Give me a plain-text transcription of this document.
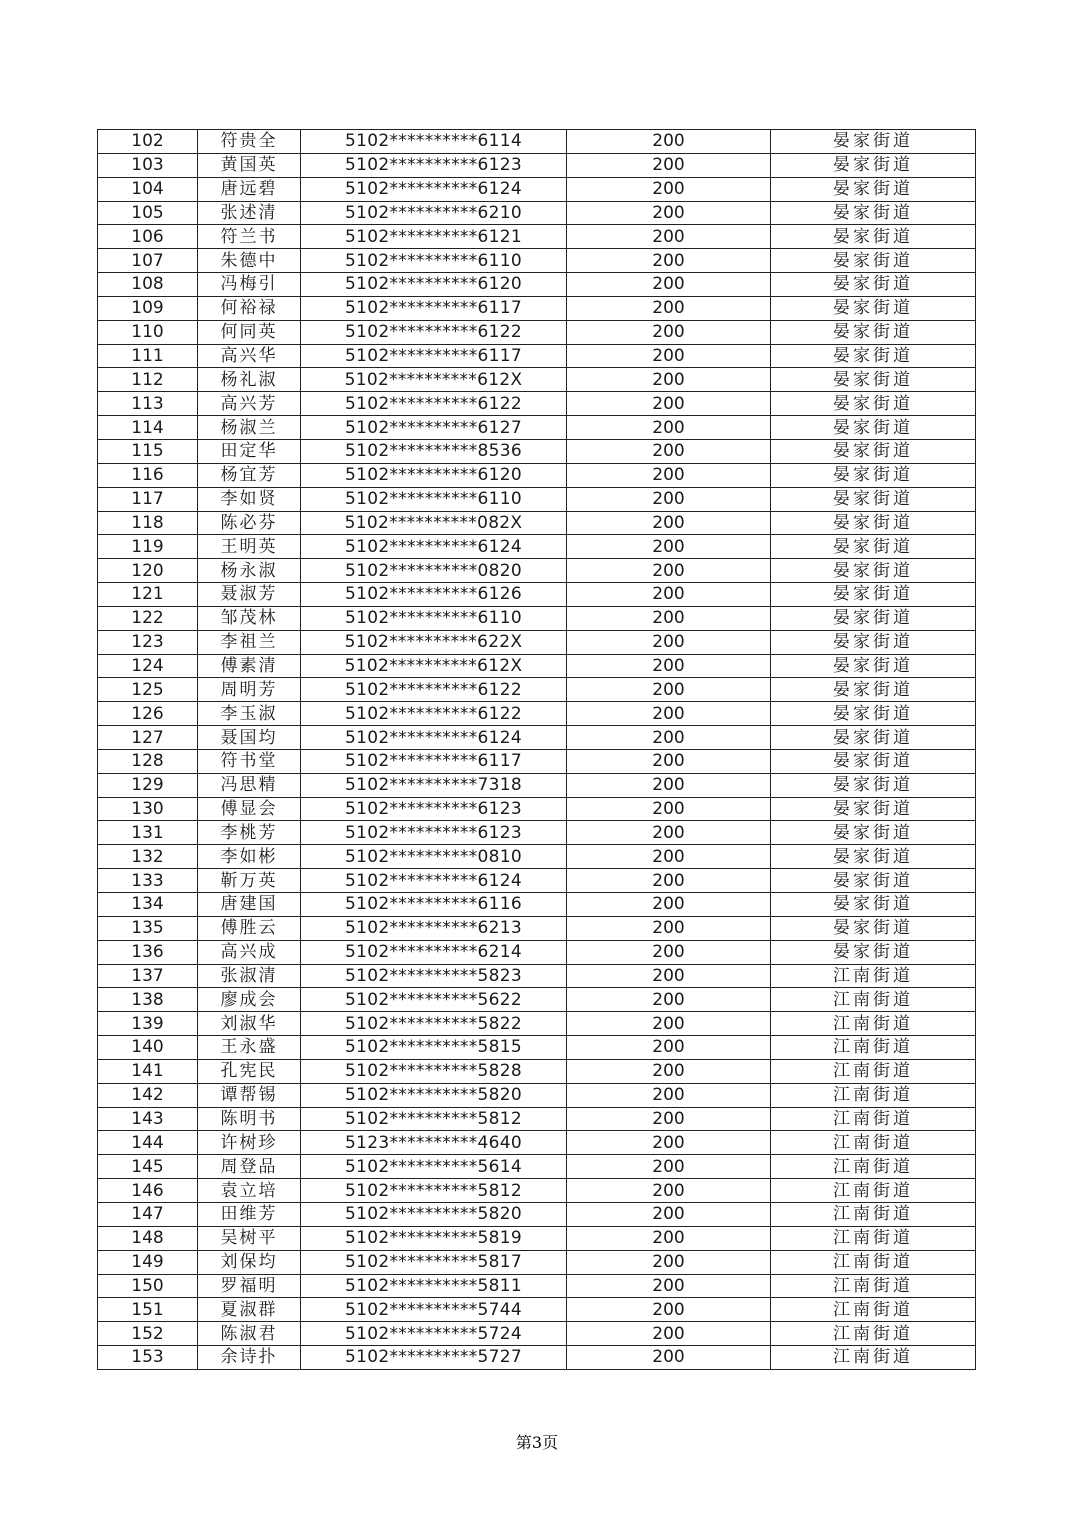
102	符贵全	5102**********6114	200	晏家街道
103	黄国英	5102**********6123	200	晏家街道
104	唐远碧	5102**********6124	200	晏家街道
105	张述清	5102**********6210	200	晏家街道
106	符兰书	5102**********6121	200	晏家街道
107	朱德中	5102**********6110	200	晏家街道
108	冯梅引	5102**********6120	200	晏家街道
109	何裕禄	5102**********6117	200	晏家街道
110	何同英	5102**********6122	200	晏家街道
111	高兴华	5102**********6117	200	晏家街道
112	杨礼淑	5102**********612X	200	晏家街道
113	高兴芳	5102**********6122	200	晏家街道
114	杨淑兰	5102**********6127	200	晏家街道
115	田定华	5102**********8536	200	晏家街道
116	杨宜芳	5102**********6120	200	晏家街道
117	李如贤	5102**********6110	200	晏家街道
118	陈必芬	5102**********082X	200	晏家街道
119	王明英	5102**********6124	200	晏家街道
120	杨永淑	5102**********0820	200	晏家街道
121	聂淑芳	5102**********6126	200	晏家街道
122	邹茂林	5102**********6110	200	晏家街道
123	李祖兰	5102**********622X	200	晏家街道
124	傅素清	5102**********612X	200	晏家街道
125	周明芳	5102**********6122	200	晏家街道
126	李玉淑	5102**********6122	200	晏家街道
127	聂国均	5102**********6124	200	晏家街道
128	符书堂	5102**********6117	200	晏家街道
129	冯思精	5102**********7318	200	晏家街道
130	傅显会	5102**********6123	200	晏家街道
131	李桃芳	5102**********6123	200	晏家街道
132	李如彬	5102**********0810	200	晏家街道
133	靳万英	5102**********6124	200	晏家街道
134	唐建国	5102**********6116	200	晏家街道
135	傅胜云	5102**********6213	200	晏家街道
136	高兴成	5102**********6214	200	晏家街道
137	张淑清	5102**********5823	200	江南街道
138	廖成会	5102**********5622	200	江南街道
139	刘淑华	5102**********5822	200	江南街道
140	王永盛	5102**********5815	200	江南街道
141	孔宪民	5102**********5828	200	江南街道
142	谭帮锡	5102**********5820	200	江南街道
143	陈明书	5102**********5812	200	江南街道
144	许树珍	5123**********4640	200	江南街道
145	周登品	5102**********5614	200	江南街道
146	袁立培	5102**********5812	200	江南街道
147	田维芳	5102**********5820	200	江南街道
148	吴树平	5102**********5819	200	江南街道
149	刘保均	5102**********5817	200	江南街道
150	罗福明	5102**********5811	200	江南街道
151	夏淑群	5102**********5744	200	江南街道
152	陈淑君	5102**********5724	200	江南街道
153	余诗扑	5102**********5727	200	江南街道
第3页
